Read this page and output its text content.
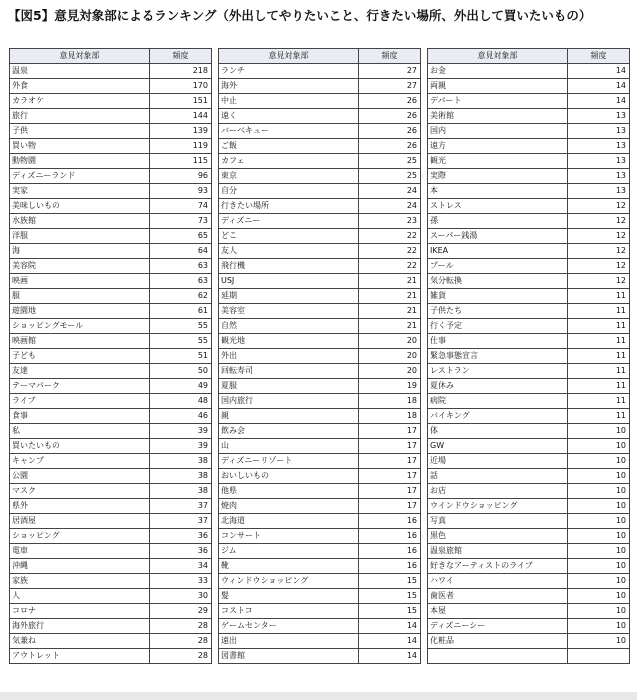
【図5】意見対象部によるランキング（外出してやりたいこと、行きたい場所、外出して買いたいもの）
意見対象部	頻度
温泉	218
外食	170
カラオケ	151
旅行	144
子供	139
買い物	119
動物園	115
ディズニーランド	96
実家	93
美味しいもの	74
水族館	73
洋服	65
海	64
美容院	63
映画	63
服	62
遊園地	61
ショッピングモール	55
映画館	55
子ども	51
友達	50
テーマパーク	49
ライブ	48
食事	46
私	39
買いたいもの	39
キャンプ	38
公園	38
マスク	38
県外	37
居酒屋	37
ショッピング	36
電車	36
沖縄	34
家族	33
人	30
コロナ	29
海外旅行	28
気兼ね	28
アウトレット	28
意見対象部	頻度
ランチ	27
海外	27
中止	26
遠く	26
バーベキュー	26
ご飯	26
カフェ	25
東京	25
自分	24
行きたい場所	24
ディズニー	23
どこ	22
友人	22
飛行機	22
USJ	21
延期	21
美容室	21
自然	21
観光地	20
外出	20
回転寿司	20
夏服	19
国内旅行	18
親	18
飲み会	17
山	17
ディズニーリゾート	17
おいしいもの	17
他県	17
焼肉	17
北海道	16
コンサート	16
ジム	16
靴	16
ウィンドウショッピング	15
髪	15
コストコ	15
ゲームセンター	14
遠出	14
図書館	14
意見対象部	頻度
お金	14
両親	14
デパート	14
美術館	13
国内	13
遠方	13
観光	13
実際	13
本	13
ストレス	12
孫	12
スーパー銭湯	12
IKEA	12
プール	12
気分転換	12
雑貨	11
子供たち	11
行く予定	11
仕事	11
緊急事態宣言	11
レストラン	11
夏休み	11
病院	11
バイキング	11
体	10
GW	10
近場	10
話	10
お店	10
ウインドウショッピング	10
写真	10
黒色	10
温泉旅館	10
好きなアーティストのライブ	10
ハワイ	10
歯医者	10
本屋	10
ディズニーシー	10
化粧品	10
